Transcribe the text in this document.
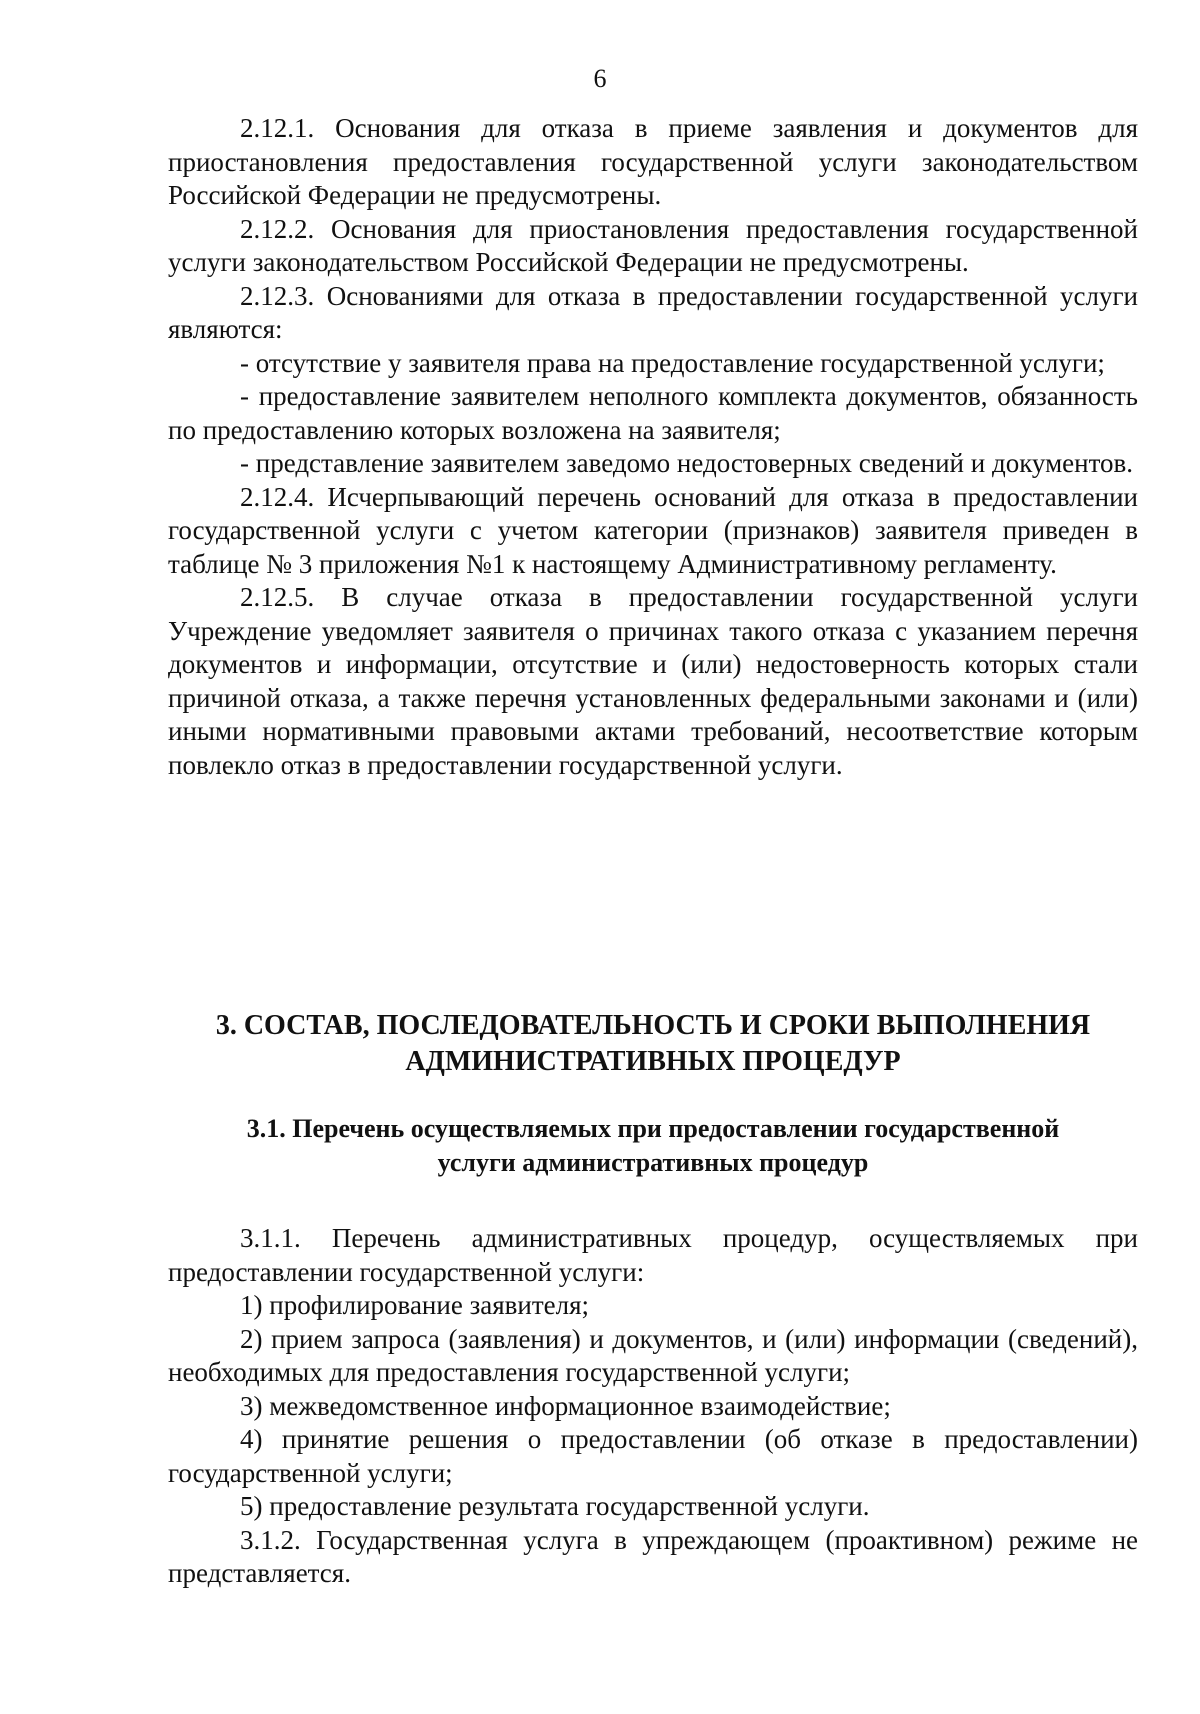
6

2.12.1. Основания для отказа в приеме заявления и документов для приостановления предоставления государственной услуги законодательством Российской Федерации не предусмотрены.

2.12.2. Основания для приостановления предоставления государственной услуги законодательством Российской Федерации не предусмотрены.

2.12.3. Основаниями для отказа в предоставлении государственной услуги являются:

- отсутствие у заявителя права на предоставление государственной услуги;

- предоставление заявителем неполного комплекта документов, обязанность по предоставлению которых возложена на заявителя;

- представление заявителем заведомо недостоверных сведений и документов.

2.12.4. Исчерпывающий перечень оснований для отказа в предоставлении государственной услуги с учетом категории (признаков) заявителя приведен в таблице № 3 приложения №1 к настоящему Административному регламенту.

2.12.5. В случае отказа в предоставлении государственной услуги Учреждение уведомляет заявителя о причинах такого отказа с указанием перечня документов и информации, отсутствие и (или) недостоверность которых стали причиной отказа, а также перечня установленных федеральными законами и (или) иными нормативными правовыми актами требований, несоответствие которым повлекло отказ в предоставлении государственной услуги.

3. СОСТАВ, ПОСЛЕДОВАТЕЛЬНОСТЬ И СРОКИ ВЫПОЛНЕНИЯ
АДМИНИСТРАТИВНЫХ ПРОЦЕДУР
3.1. Перечень осуществляемых при предоставлении государственной
услуги административных процедур

3.1.1. Перечень административных процедур, осуществляемых при предоставлении государственной услуги:

1) профилирование заявителя;

2) прием запроса (заявления) и документов, и (или) информации (сведений), необходимых для предоставления государственной услуги;

3) межведомственное информационное взаимодействие;

4) принятие решения о предоставлении (об отказе в предоставлении) государственной услуги;

5) предоставление результата государственной услуги.

3.1.2. Государственная услуга в упреждающем (проактивном) режиме не представляется.
